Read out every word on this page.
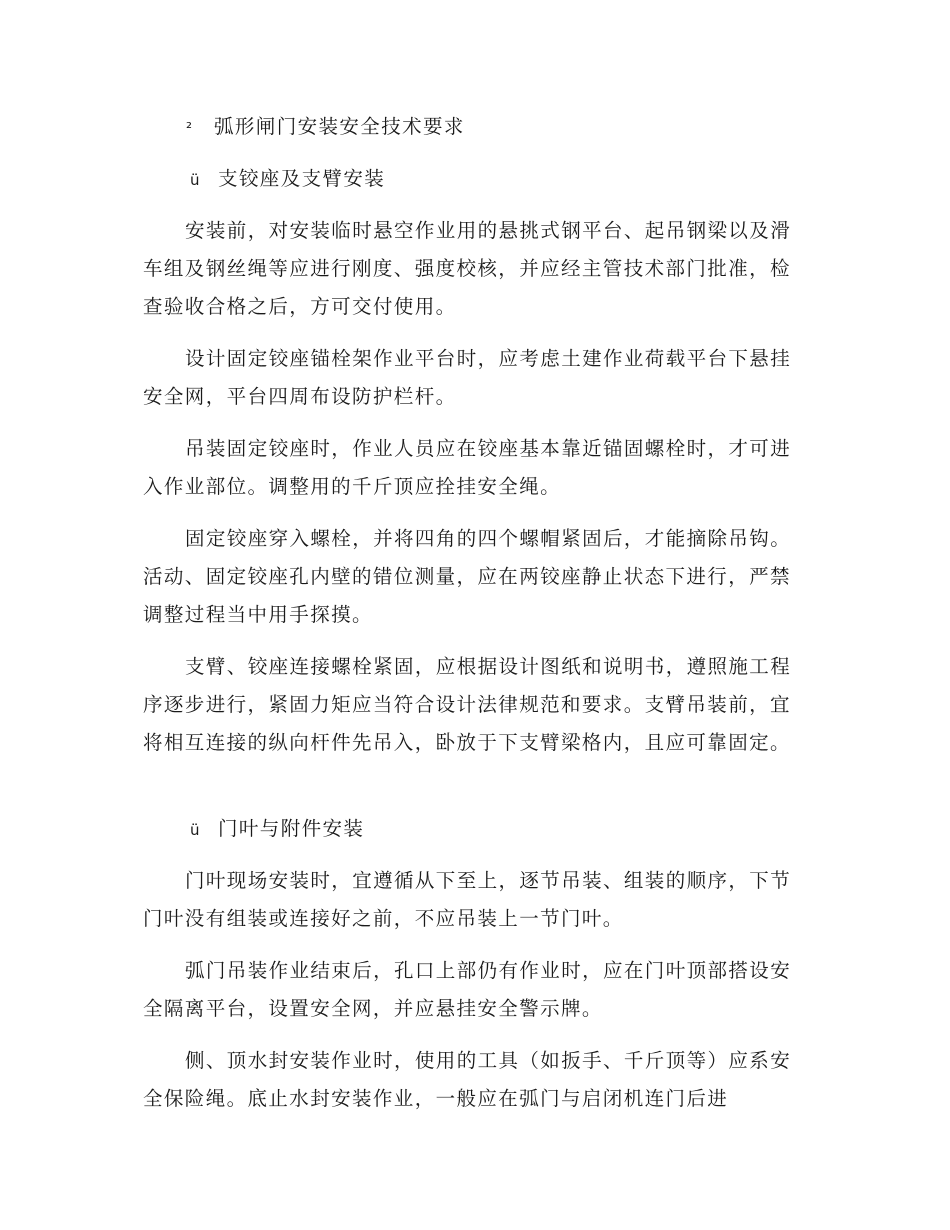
² 弧形闸门安装安全技术要求
ü 支铰座及支臂安装

安装前，对安装临时悬空作业用的悬挑式钢平台、起吊钢梁以及滑车组及钢丝绳等应进行刚度、强度校核，并应经主管技术部门批准，检查验收合格之后，方可交付使用。

设计固定铰座锚栓架作业平台时，应考虑土建作业荷载平台下悬挂安全网，平台四周布设防护栏杆。

吊装固定铰座时，作业人员应在铰座基本靠近锚固螺栓时，才可进入作业部位。调整用的千斤顶应拴挂安全绳。

固定铰座穿入螺栓，并将四角的四个螺帽紧固后，才能摘除吊钩。活动、固定铰座孔内壁的错位测量，应在两铰座静止状态下进行，严禁调整过程当中用手探摸。

支臂、铰座连接螺栓紧固，应根据设计图纸和说明书，遵照施工程序逐步进行，紧固力矩应当符合设计法律规范和要求。支臂吊装前，宜将相互连接的纵向杆件先吊入，卧放于下支臂梁格内，且应可靠固定。

ü 门叶与附件安装

门叶现场安装时，宜遵循从下至上，逐节吊装、组装的顺序，下节门叶没有组装或连接好之前，不应吊装上一节门叶。

弧门吊装作业结束后，孔口上部仍有作业时，应在门叶顶部搭设安全隔离平台，设置安全网，并应悬挂安全警示牌。

侧、顶水封安装作业时，使用的工具（如扳手、千斤顶等）应系安全保险绳。底止水封安装作业，一般应在弧门与启闭机连门后进
